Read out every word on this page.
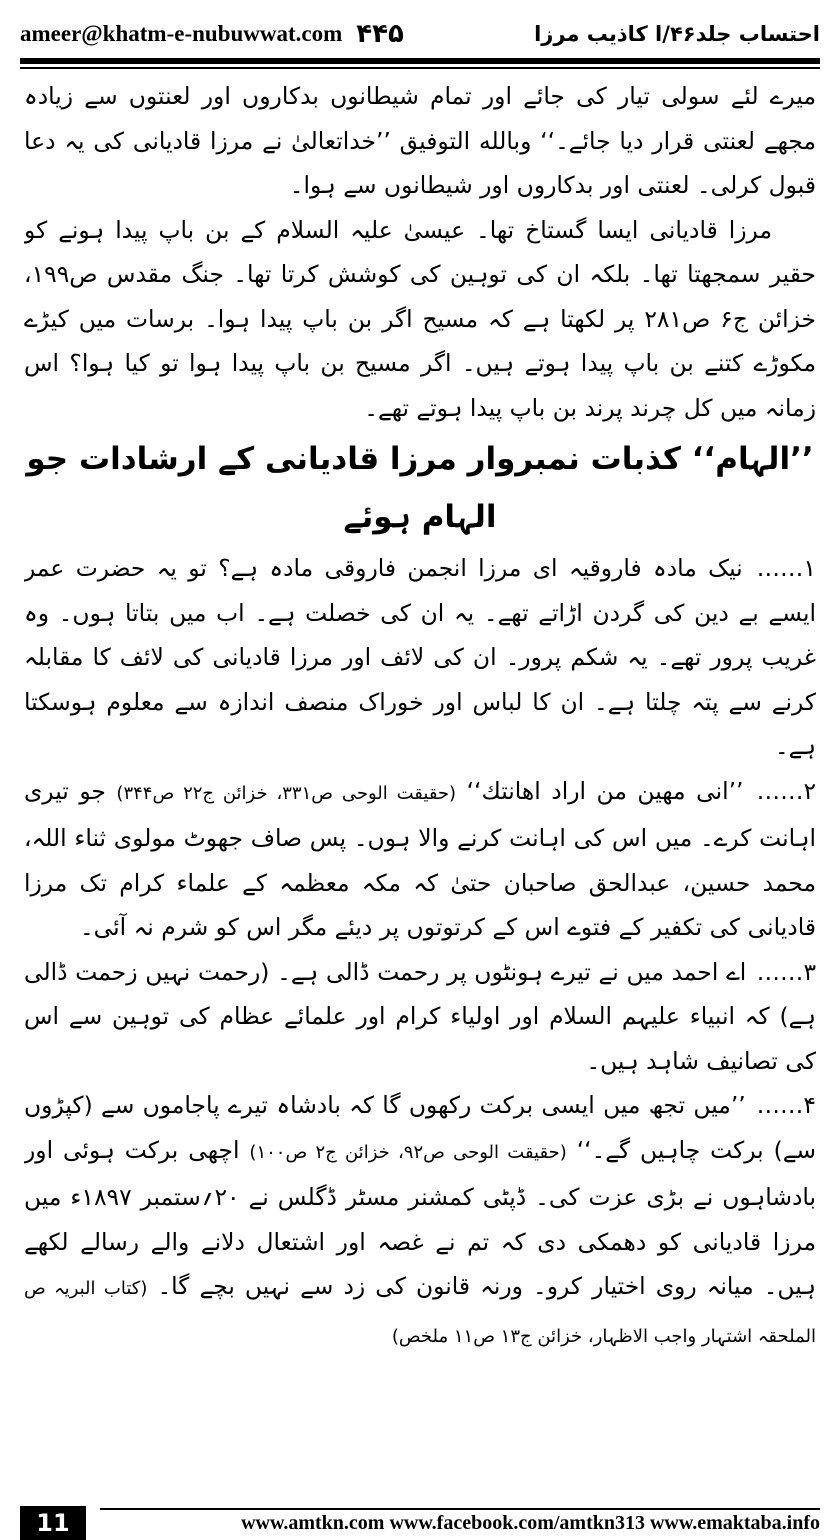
ameer@khatm-e-nubuwwat.com ۴۴۵	احتساب جلد۴۶/ا کاذیب مرزا

میرے لئے سولی تیار کی جائے اور تمام شیطانوں بدکاروں اور لعنتوں سے زیادہ مجھے لعنتی قرار دیا جائے۔‘‘ وبالله التوفیق ’’خداتعالیٰ نے مرزا قادیانی کی یہ دعا قبول کرلی۔ لعنتی اور بدکاروں اور شیطانوں سے ہوا۔

مرزا قادیانی ایسا گستاخ تھا۔ عیسیٰ علیہ السلام کے بن باپ پیدا ہونے کو حقیر سمجھتا تھا۔ بلکہ ان کی توہین کی کوشش کرتا تھا۔ جنگ مقدس ص۱۹۹، خزائن ج۶ ص۲۸۱ پر لکھتا ہے کہ مسیح اگر بن باپ پیدا ہوا۔ برسات میں کیڑے مکوڑے کتنے بن باپ پیدا ہوتے ہیں۔ اگر مسیح بن باپ پیدا ہوا تو کیا ہوا؟ اس زمانہ میں کل چرند پرند بن باپ پیدا ہوتے تھے۔

’’الہام‘‘ کذبات نمبروار مرزا قادیانی کے ارشادات جو الہام ہوئے

۱…… نیک مادہ فاروقیہ ای مرزا انجمن فاروقی مادہ ہے؟ تو یہ حضرت عمر ایسے بے دین کی گردن اڑاتے تھے۔ یہ ان کی خصلت ہے۔ اب میں بتاتا ہوں۔ وہ غریب پرور تھے۔ یہ شکم پرور۔ ان کی لائف اور مرزا قادیانی کی لائف کا مقابلہ کرنے سے پتہ چلتا ہے۔ ان کا لباس اور خوراک منصف اندازہ سے معلوم ہوسکتا ہے۔

۲…… ’’انی مھین من اراد اھانتك‘‘ (حقیقت الوحی ص۳۳۱، خزائن ج۲۲ ص۳۴۴) جو تیری اہانت کرے۔ میں اس کی اہانت کرنے والا ہوں۔ پس صاف جھوٹ مولوی ثناء اللہ، محمد حسین، عبدالحق صاحبان حتیٰ کہ مکہ معظمہ کے علماء کرام تک مرزا قادیانی کی تکفیر کے فتوے اس کے کرتوتوں پر دیئے مگر اس کو شرم نہ آئی۔

۳…… اے احمد میں نے تیرے ہونٹوں پر رحمت ڈالی ہے۔ (رحمت نہیں زحمت ڈالی ہے) کہ انبیاء علیہم السلام اور اولیاء کرام اور علمائے عظام کی توہین سے اس کی تصانیف شاہد ہیں۔

۴…… ’’میں تجھ میں ایسی برکت رکھوں گا کہ بادشاہ تیرے پاجاموں سے (کپڑوں سے) برکت چاہیں گے۔‘‘ (حقیقت الوحی ص۹۲، خزائن ج۲ ص۱۰۰) اچھی برکت ہوئی اور بادشاہوں نے بڑی عزت کی۔ ڈپٹی کمشنر مسٹر ڈگلس نے ۲۰؍ستمبر ۱۸۹۷ء میں مرزا قادیانی کو دھمکی دی کہ تم نے غصہ اور اشتعال دلانے والے رسالے لکھے ہیں۔ میانہ روی اختیار کرو۔ ورنہ قانون کی زد سے نہیں بچے گا۔ (کتاب البریہ ص الملحقہ اشتہار واجب الاظہار، خزائن ج۱۳ ص۱۱ ملخص)

11	www.amtkn.com www.facebook.com/amtkn313 www.emaktaba.info
